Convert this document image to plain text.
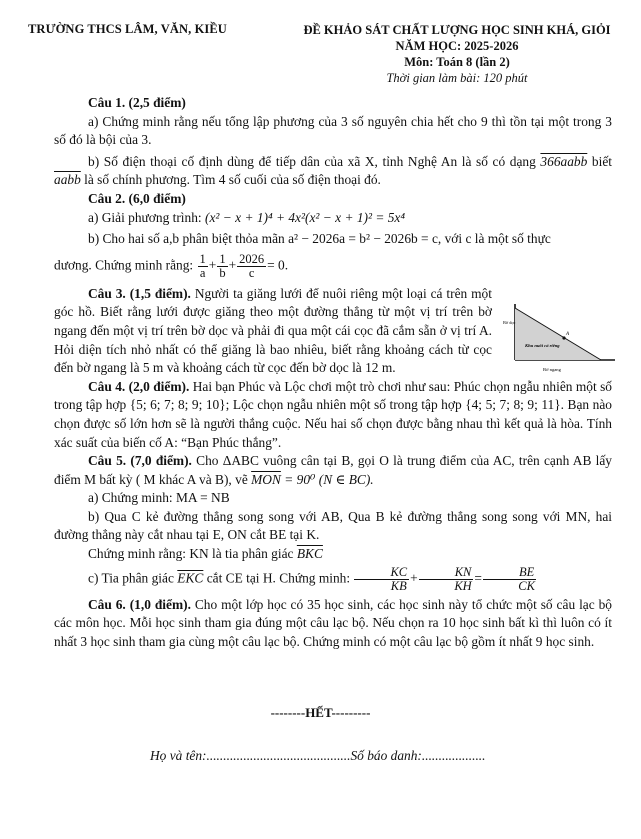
TRƯỜNG THCS LÂM, VĂN, KIỀU	ĐỀ KHẢO SÁT CHẤT LƯỢNG HỌC SINH KHÁ, GIỎI
NĂM HỌC: 2025-2026
Môn: Toán 8 (lần 2)
Thời gian làm bài: 120 phút

Câu 1. (2,5 điểm)

a) Chứng minh rằng nếu tổng lập phương của 3 số nguyên chia hết cho 9 thì tồn tại một trong 3 số đó là bội của 3.

b) Số điện thoại cố định dùng để tiếp dân của xã X, tỉnh Nghệ An là số có dạng 366aabb biết aabb là số chính phương. Tìm 4 số cuối của số điện thoại đó.

Câu 2. (6,0 điểm)

a) Giải phương trình: (x² − x + 1)⁴ + 4x²(x² − x + 1)² = 5x⁴

b) Cho hai số a,b phân biệt thỏa mãn a² − 2026a = b² − 2026b = c, với c là một số thực

dương. Chứng minh rằng: $\frac{1}{a} + \frac{1}{b} + \frac{2026}{c} = 0$.

Câu 3. (1,5 điểm). Người ta giăng lưới để nuôi riêng một loại cá trên một góc hồ. Biết rằng lưới được giăng theo một đường thẳng từ một vị trí trên bờ ngang đến một vị trí trên bờ dọc và phải đi qua một cái cọc đã cắm sẵn ở vị trí A. Hỏi diện tích nhỏ nhất có thể giăng là bao nhiêu, biết rằng khoảng cách từ cọc đến bờ ngang là 5 m và khoảng cách từ cọc đến bờ dọc là 12 m.

Câu 4. (2,0 điểm). Hai bạn Phúc và Lộc chơi một trò chơi như sau: Phúc chọn ngẫu nhiên một số trong tập hợp {5; 6; 7; 8; 9; 10}; Lộc chọn ngẫu nhiên một số trong tập hợp {4; 5; 7; 8; 9; 11}. Bạn nào chọn được số lớn hơn sẽ là người thắng cuộc. Nếu hai số chọn được bằng nhau thì kết quả là hòa. Tính xác suất của biến cố A: “Bạn Phúc thắng”.

Câu 5. (7,0 điểm). Cho ΔABC vuông cân tại B, gọi O là trung điểm của AC, trên cạnh AB lấy điểm M bất kỳ ( M khác A và B), vẽ $\overline{MON} = 90^0$ (N ∈ BC).

a) Chứng minh: MA = NB

b) Qua C kẻ đường thẳng song song với AB, Qua B kẻ đường thẳng song song với MN, hai đường thẳng này cắt nhau tại E, ON cắt BE tại K.

Chứng minh rằng: KN là tia phân giác $\overline{BKC}$

c) Tia phân giác $\overline{EKC}$ cắt CE tại H. Chứng minh: $\frac{KC}{KB} + \frac{KN}{KH} = \frac{BE}{CK}$

Câu 6. (1,0 điểm). Cho một lớp học có 35 học sinh, các học sinh này tổ chức một số câu lạc bộ các môn học. Mỗi học sinh tham gia đúng một câu lạc bộ. Nếu chọn ra 10 học sinh bất kì thì luôn có ít nhất 3 học sinh tham gia cùng một câu lạc bộ. Chứng minh có một câu lạc bộ gồm ít nhất 9 học sinh.

A
Bờ dọc
Khu nuôi cá riêng
Bờ ngang
--------HẾT---------
Họ và tên:...........................................Số báo danh:...................
